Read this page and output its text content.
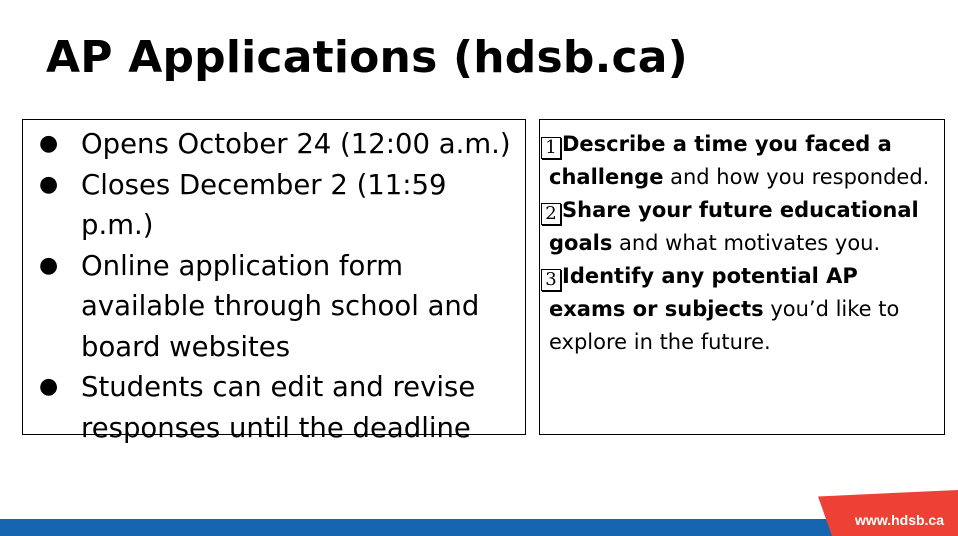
AP Applications (hdsb.ca)
● Opens October 24 (12:00 a.m.)
● Closes December 2 (11:59 p.m.)
● Online application form available through school and board websites
● Students can edit and revise responses until the deadline
1 Describe a time you faced a challenge and how you responded.
2 Share your future educational goals and what motivates you.
3 Identify any potential AP exams or subjects you’d like to explore in the future.
www.hdsb.ca
